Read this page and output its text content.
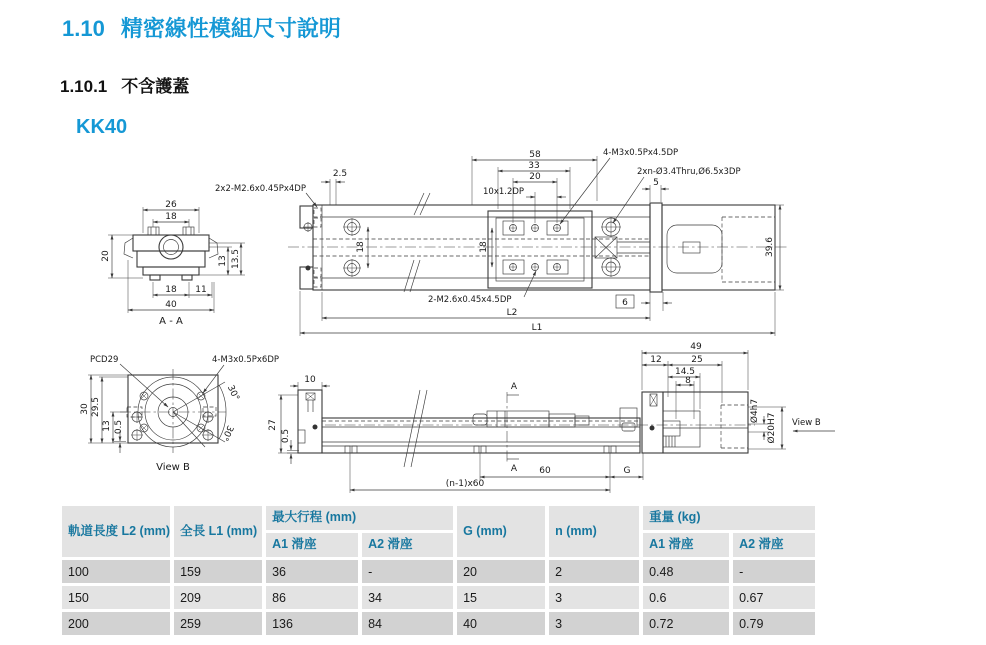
1.10 精密線性模組尺寸說明
1.10.1 不含護蓋
KK40
26
18
20	13 13.5
18 11
40
A - A
2x2-M2.6x0.45Px4DP
2.5
58
33
20
10x1.2DP
4-M3x0.5Px4.5DP
2xn-Ø3.4Thru,Ø6.5x3DP
5
18	18	39.6
2-M2.6x0.45x4.5DP	6
L2
L1
30°
30°
30 29.5
13 0.5
PCD29	4-M3x0.5Px6DP
View B
A
A
10
27
0.5
60	G
(n-1)x60
49
12	25
14.5
8
Ø4h7
Ø20H7 View B
軌道長度 L2 (mm)	全長 L1 (mm)	最大行程 (mm)		G (mm)	n (mm)	重量 (kg)	
		A1 滑座	A2 滑座			A1 滑座	A2 滑座
100	159	36	-	20	2	0.48	-
150	209	86	34	15	3	0.6	0.67
200	259	136	84	40	3	0.72	0.79
